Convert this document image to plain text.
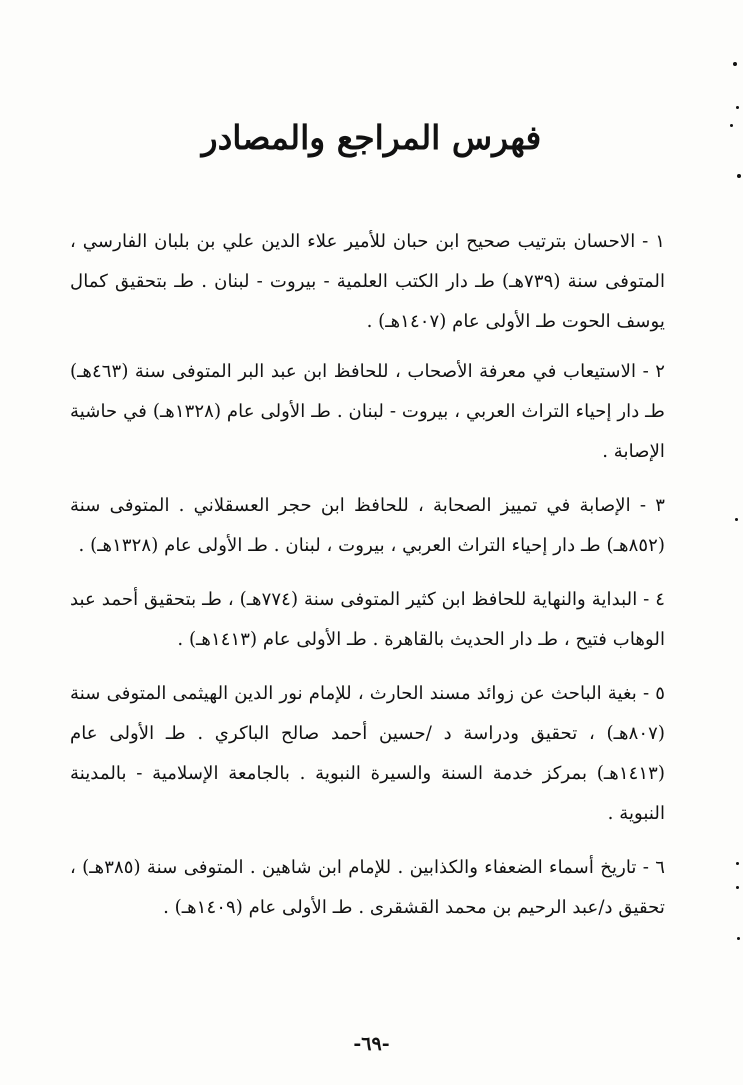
فهرس المراجع والمصادر

١ - الاحسان بترتيب صحيح ابن حبان للأمير علاء الدين علي بن بلبان الفارسي ، المتوفى سنة (٧٣٩هـ) طـ دار الكتب العلمية - بيروت - لبنان . طـ بتحقيق كمال يوسف الحوت طـ الأولى عام (١٤٠٧هـ) .

٢ - الاستيعاب في معرفة الأصحاب ، للحافظ ابن عبد البر المتوفى سنة (٤٦٣هـ) طـ دار إحياء التراث العربي ، بيروت - لبنان . طـ الأولى عام (١٣٢٨هـ) في حاشية الإصابة .

٣ - الإصابة في تمييز الصحابة ، للحافظ ابن حجر العسقلاني . المتوفى سنة (٨٥٢هـ) طـ دار إحياء التراث العربي ، بيروت ، لبنان . طـ الأولى عام (١٣٢٨هـ) .

٤ - البداية والنهاية للحافظ ابن كثير المتوفى سنة (٧٧٤هـ) ، طـ بتحقيق أحمد عبد الوهاب فتيح ، طـ دار الحديث بالقاهرة . طـ الأولى عام (١٤١٣هـ) .

٥ - بغية الباحث عن زوائد مسند الحارث ، للإمام نور الدين الهيثمى المتوفى سنة (٨٠٧هـ) ، تحقيق ودراسة د /حسين أحمد صالح الباكري . طـ الأولى عام (١٤١٣هـ) بمركز خدمة السنة والسيرة النبوية . بالجامعة الإسلامية - بالمدينة النبوية .

٦ - تاريخ أسماء الضعفاء والكذابين . للإمام ابن شاهين . المتوفى سنة (٣٨٥هـ) ، تحقيق د/عبد الرحيم بن محمد القشقرى . طـ الأولى عام (١٤٠٩هـ) .

-٦٩-
